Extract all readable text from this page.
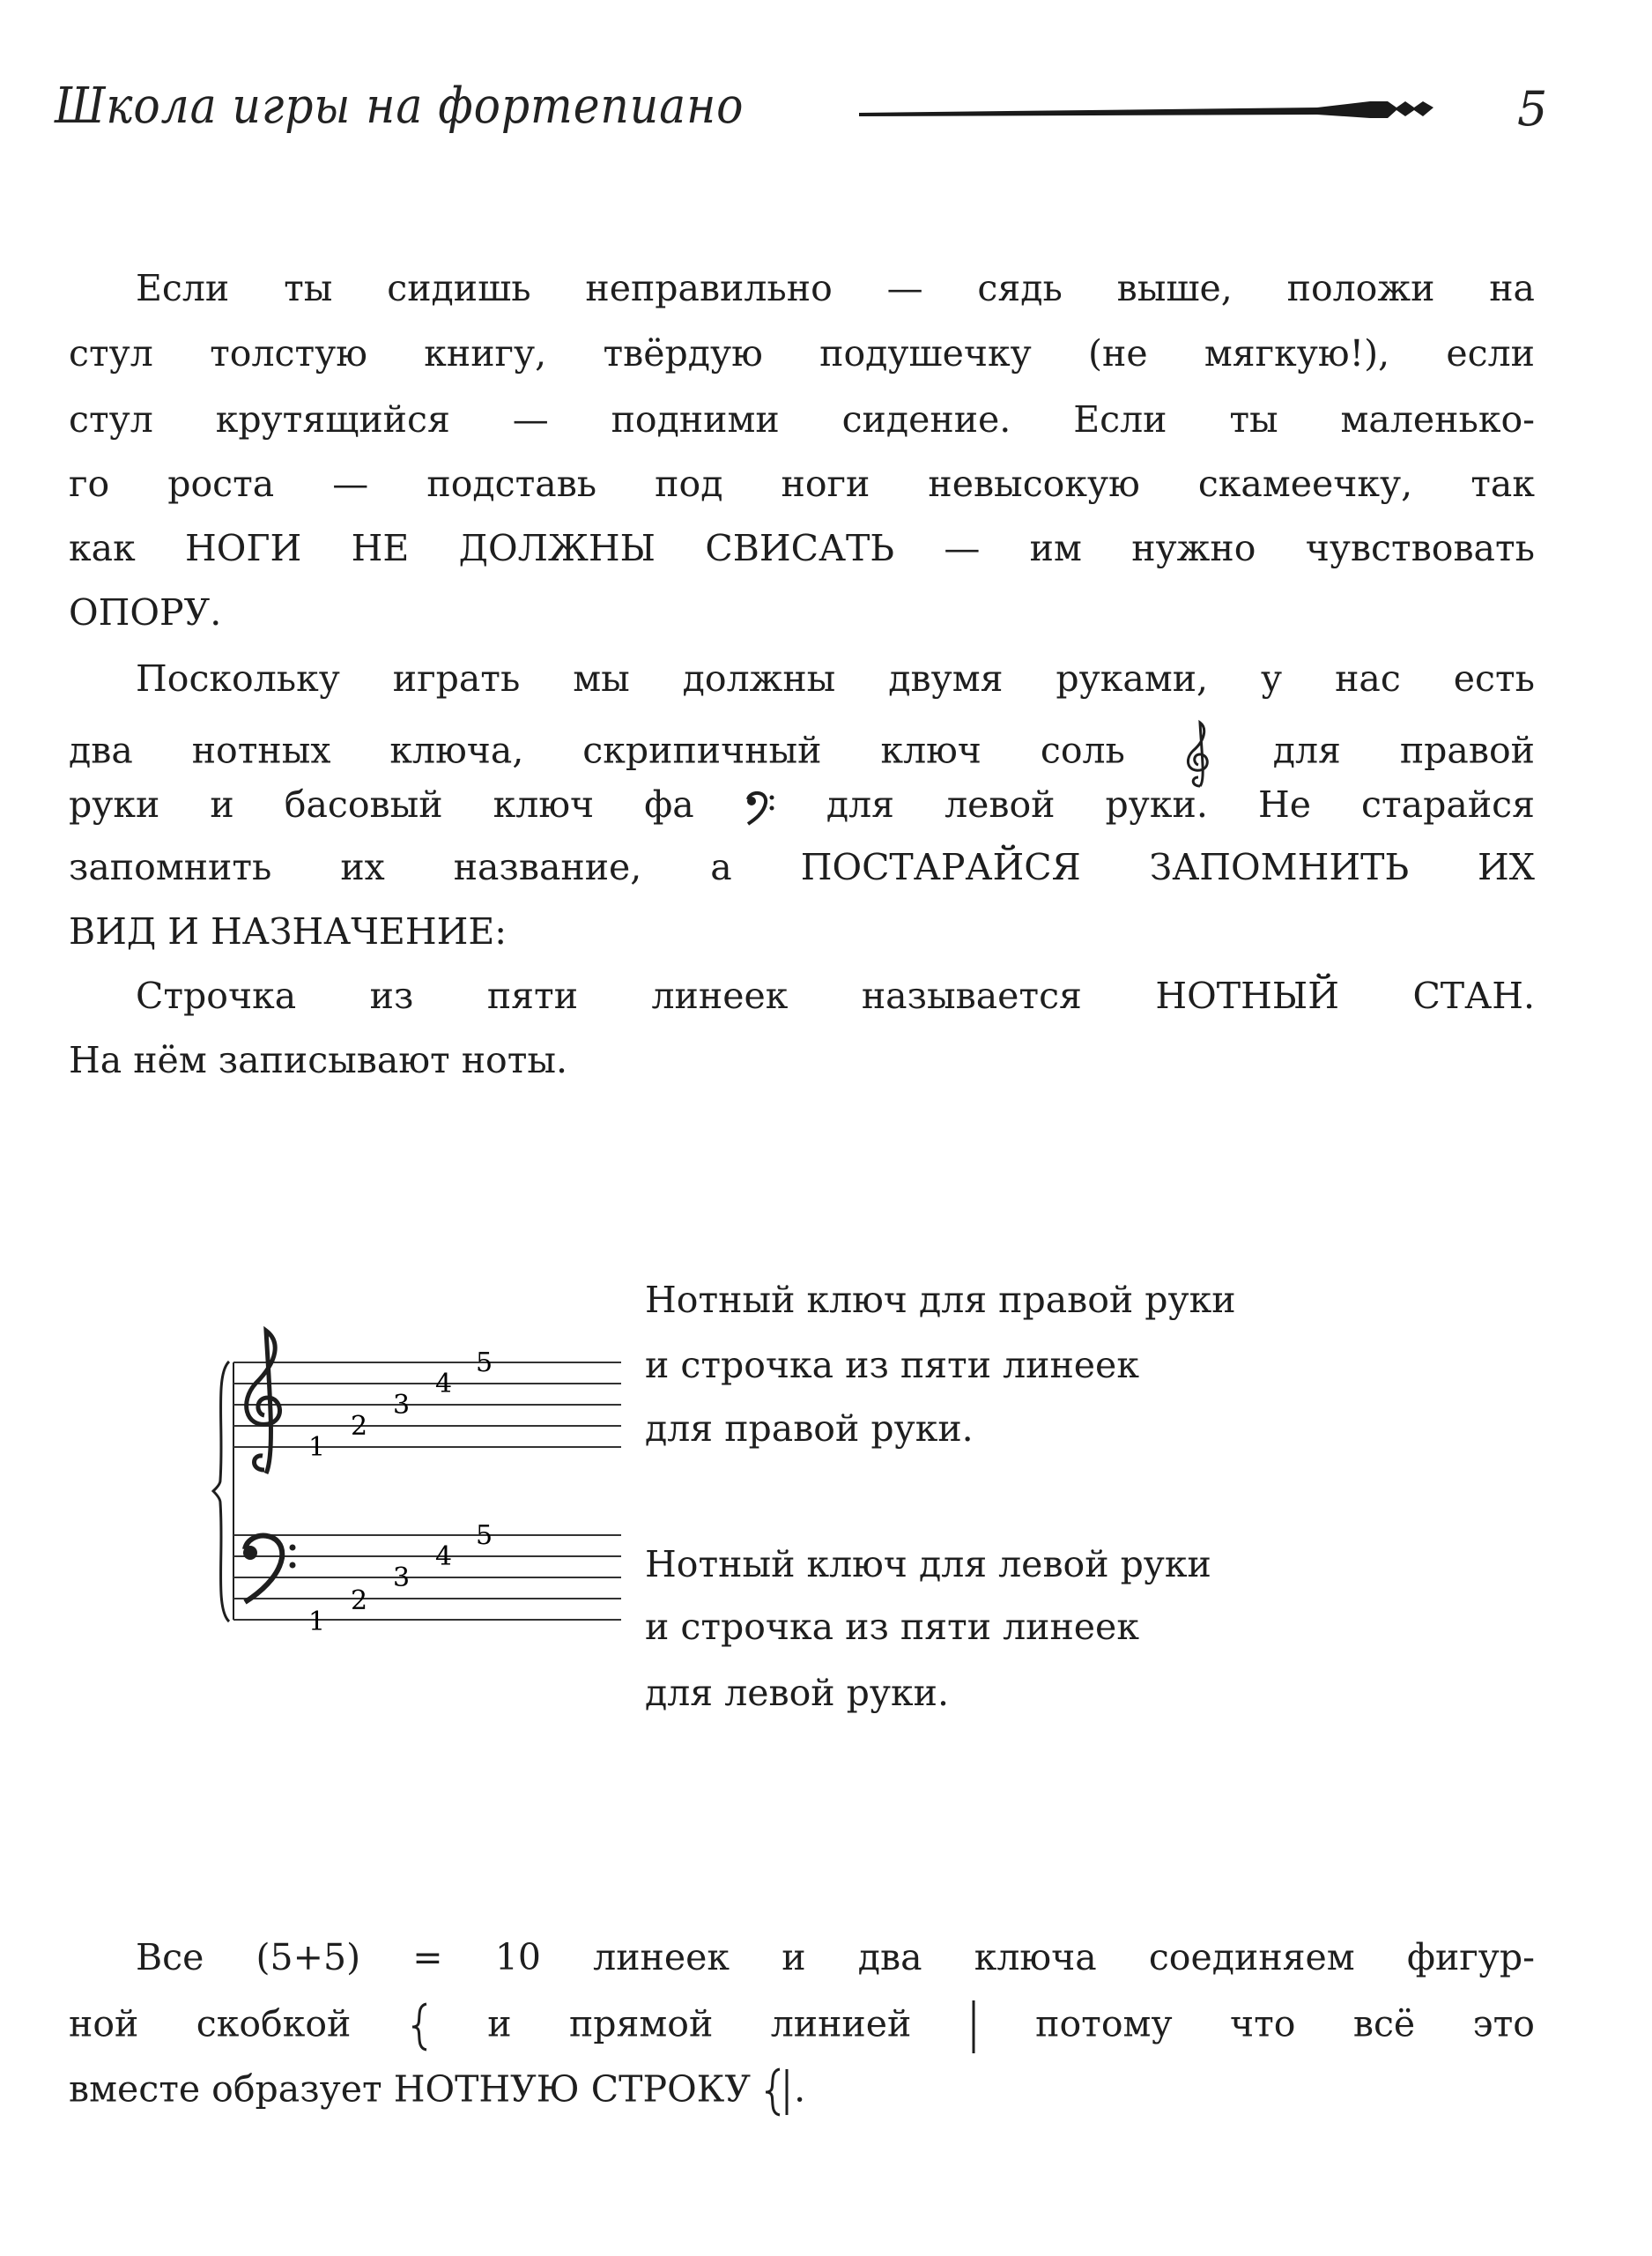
Школа игры на фортепиано	5
Если ты сидишь неправильно — сядь выше, положи на
стул толстую книгу, твёрдую подушечку (не мягкую!), если
стул крутящийся — подними сидение. Если ты маленько-
го роста — подставь под ноги невысокую скамеечку, так
как НОГИ НЕ ДОЛЖНЫ СВИСАТЬ — им нужно чувствовать
ОПОРУ.
Поскольку играть мы должны двумя руками, у нас есть
два нотных ключа, скрипичный ключ соль	для правой
руки и басовый ключ фа	для левой руки. Не старайся
запомнить их название, а ПОСТАРАЙСЯ ЗАПОМНИТЬ ИХ
ВИД И НАЗНАЧЕНИЕ:
Строчка из пяти линеек называется НОТНЫЙ СТАН.
На нём записывают ноты.
1
2
3
4
5
1
2
3
4
5
Нотный ключ для правой руки
и строчка из пяти линеек
для правой руки.
Нотный ключ для левой руки
и строчка из пяти линеек
для левой руки.
Все (5+5) = 10 линеек и два ключа соединяем фигур-
ной скобкой	и прямой линией	потому что всё это
вместе образует НОТНУЮ СТРОКУ .
